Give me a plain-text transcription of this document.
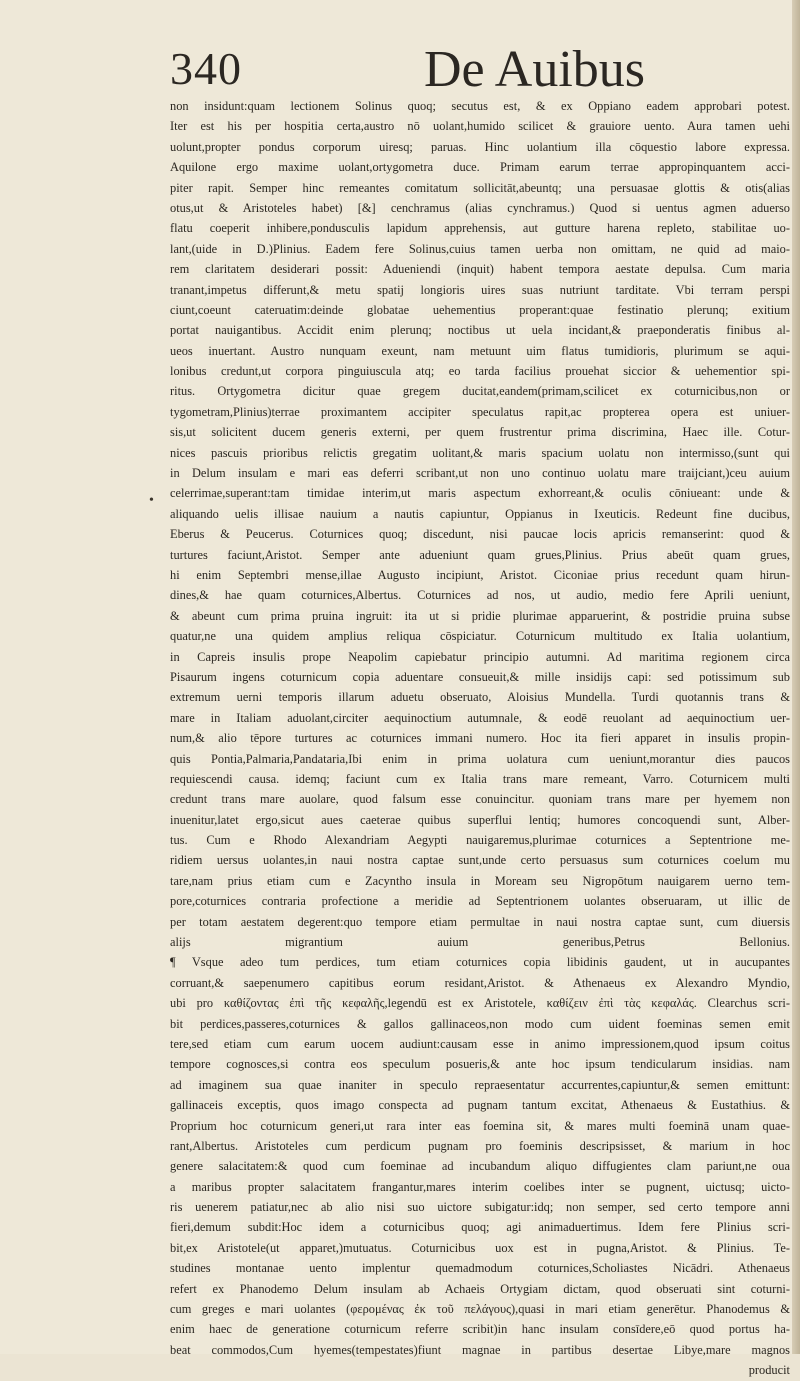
340	De Auibus
•
non insidunt:quam lectionem Solinus quoq; secutus est, & ex Oppiano eadem approbari potest.
Iter est his per hospitia certa,austro nō uolant,humido scilicet & grauiore uento. Aura tamen uehi
uolunt,propter pondus corporum uiresq; paruas. Hinc uolantium illa cōquestio labore expressa.
Aquilone ergo maxime uolant,ortygometra duce. Primam earum terrae appropinquantem acci-
piter rapit. Semper hinc remeantes comitatum sollicitāt,abeuntq; una persuasae glottis & otis(alias
otus,ut & Aristoteles habet) [&] cenchramus (alias cynchramus.) Quod si uentus agmen aduerso
flatu coeperit inhibere,pondusculis lapidum apprehensis, aut gutture harena repleto, stabilitae uo-
lant,(uide in D.)Plinius. Eadem fere Solinus,cuius tamen uerba non omittam, ne quid ad maio-
rem claritatem desiderari possit: Adueniendi (inquit) habent tempora aestate depulsa. Cum maria
tranant,impetus differunt,& metu spatij longioris uires suas nutriunt tarditate. Vbi terram perspi
ciunt,coeunt cateruatim:deinde globatae uehementius properant:quae festinatio plerunq; exitium
portat nauigantibus. Accidit enim plerunq; noctibus ut uela incidant,& praeponderatis finibus al-
ueos inuertant. Austro nunquam exeunt, nam metuunt uim flatus tumidioris, plurimum se aqui-
lonibus credunt,ut corpora pinguiuscula atq; eo tarda facilius prouehat siccior & uehementior spi-
ritus. Ortygometra dicitur quae gregem ducitat,eandem(primam,scilicet ex coturnicibus,non or
tygometram,Plinius)terrae proximantem accipiter speculatus rapit,ac propterea opera est uniuer-
sis,ut solicitent ducem generis externi, per quem frustrentur prima discrimina, Haec ille. Cotur-
nices pascuis prioribus relictis gregatim uolitant,& maris spacium uolatu non intermisso,(sunt qui
in Delum insulam e mari eas deferri scribant,ut non uno continuo uolatu mare traijciant,)ceu auium
celerrimae,superant:tam timidae interim,ut maris aspectum exhorreant,& oculis cōniueant: unde &
aliquando uelis illisae nauium a nautis capiuntur, Oppianus in Ixeuticis. Redeunt fine ducibus,
Eberus & Peucerus. Coturnices quoq; discedunt, nisi paucae locis apricis remanserint: quod &
turtures faciunt,Aristot. Semper ante adueniunt quam grues,Plinius. Prius abeūt quam grues,
hi enim Septembri mense,illae Augusto incipiunt, Aristot. Ciconiae prius recedunt quam hirun-
dines,& hae quam coturnices,Albertus. Coturnices ad nos, ut audio, medio fere Aprili ueniunt,
& abeunt cum prima pruina ingruit: ita ut si pridie plurimae apparuerint, & postridie pruina subse
quatur,ne una quidem amplius reliqua cōspiciatur. Coturnicum multitudo ex Italia uolantium,
in Capreis insulis prope Neapolim capiebatur principio autumni. Ad maritima regionem circa
Pisaurum ingens coturnicum copia aduentare consueuit,& mille insidijs capi: sed potissimum sub
extremum uerni temporis illarum aduetu obseruato, Aloisius Mundella. Turdi quotannis trans &
mare in Italiam aduolant,circiter aequinoctium autumnale, & eodē reuolant ad aequinoctium uer-
num,& alio tēpore turtures ac coturnices immani numero. Hoc ita fieri apparet in insulis propin-
quis Pontia,Palmaria,Pandataria,Ibi enim in prima uolatura cum ueniunt,morantur dies paucos
requiescendi causa. idemq; faciunt cum ex Italia trans mare remeant, Varro. Coturnicem multi
credunt trans mare auolare, quod falsum esse conuincitur. quoniam trans mare per hyemem non
inuenitur,latet ergo,sicut aues caeterae quibus superflui lentiq; humores concoquendi sunt, Alber-
tus. Cum e Rhodo Alexandriam Aegypti nauigaremus,plurimae coturnices a Septentrione me-
ridiem uersus uolantes,in naui nostra captae sunt,unde certo persuasus sum coturnices coelum mu
tare,nam prius etiam cum e Zacyntho insula in Moream seu Nigropōtum nauigarem uerno tem-
pore,coturnices contraria profectione a meridie ad Septentrionem uolantes obseruaram, ut illic de
per totam aestatem degerent:quo tempore etiam permultae in naui nostra captae sunt, cum diuersis
alijs migrantium auium generibus,Petrus Bellonius.
¶ Vsque adeo tum perdices, tum etiam coturnices copia libidinis gaudent, ut in aucupantes
corruant,& saepenumero capitibus eorum residant,Aristot. & Athenaeus ex Alexandro Myndio,
ubi pro καθίζοντας ἐπὶ τῆς κεφαλῆς,legendū est ex Aristotele, καθίζειν ἐπὶ τὰς κεφαλάς. Clearchus scri-
bit perdices,passeres,coturnices & gallos gallinaceos,non modo cum uident foeminas semen emit
tere,sed etiam cum earum uocem audiunt:causam esse in animo impressionem,quod ipsum coitus
tempore cognosces,si contra eos speculum posueris,& ante hoc ipsum tendicularum insidias. nam
ad imaginem sua quae inaniter in speculo repraesentatur accurrentes,capiuntur,& semen emittunt:
gallinaceis exceptis, quos imago conspecta ad pugnam tantum excitat, Athenaeus & Eustathius. &
Proprium hoc coturnicum generi,ut rara inter eas foemina sit, & mares multi foeminā unam quae-
rant,Albertus. Aristoteles cum perdicum pugnam pro foeminis descripsisset, & marium in hoc
genere salacitatem:& quod cum foeminae ad incubandum aliquo diffugientes clam pariunt,ne oua
a maribus propter salacitatem frangantur,mares interim coelibes inter se pugnent, uictusq; uicto-
ris uenerem patiatur,nec ab alio nisi suo uictore subigatur:idq; non semper, sed certo tempore anni
fieri,demum subdit:Hoc idem a coturnicibus quoq; agi animaduertimus. Idem fere Plinius scri-
bit,ex Aristotele(ut apparet,)mutuatus. Coturnicibus uox est in pugna,Aristot. & Plinius. Te-
studines montanae uento implentur quemadmodum coturnices,Scholiastes Nicādri. Athenaeus
refert ex Phanodemo Delum insulam ab Achaeis Ortygiam dictam, quod obseruati sint coturni-
cum greges e mari uolantes (φερομένας ἐκ τοῦ πελάγους),quasi in mari etiam generētur. Phanodemus &
enim haec de generatione coturnicum referre scribit)in hanc insulam consīdere,eō quod portus ha-
beat commodos,Cum hyemes(tempestates)fiunt magnae in partibus desertae Libye,mare magnos
producit
